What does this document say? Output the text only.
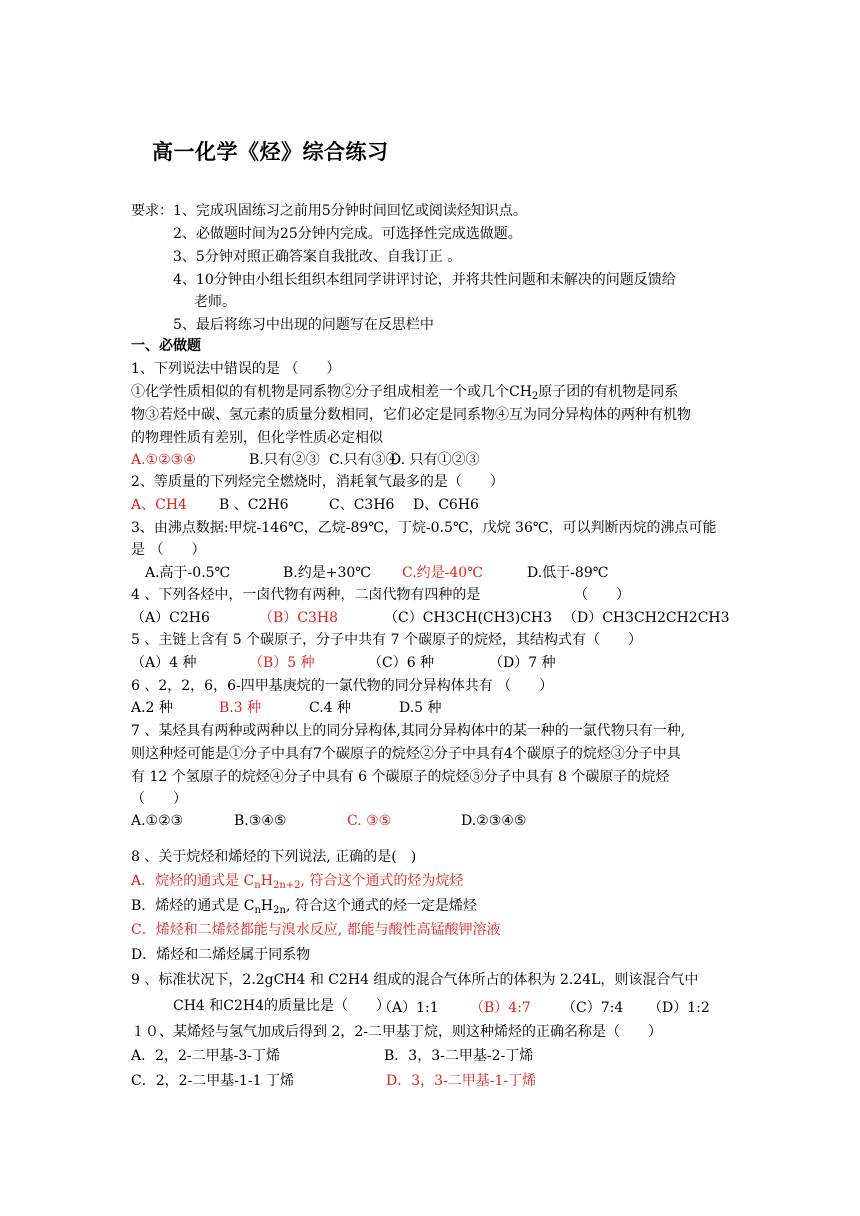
高一化学《烃》综合练习
要求：1、完成巩固练习之前用5分钟时间回忆或阅读烃知识点。
2、必做题时间为25分钟内完成。可选择性完成选做题。
3、5分钟对照正确答案自我批改、自我订正 。
4、10分钟由小组长组织本组同学讲评讨论，并将共性问题和未解决的问题反馈给
老师。
5、最后将练习中出现的问题写在反思栏中
一、必做题
1、下列说法中错误的是 （　　）
①化学性质相似的有机物是同系物②分子组成相差一个或几个$CH_2$原子团的有机物是同系
物③若烃中碳、氢元素的质量分数相同，它们必定是同系物④互为同分异构体的两种有机物
的物理性质有差别，但化学性质必定相似
A.①②③④	B.只有②③ C.只有③④
D. 只有①②③
2、等质量的下列烃完全燃烧时，消耗氧气最多的是（　　）
A、CH4 B 、C2H6	C、C3H6 D、C6H6
3、由沸点数据:甲烷-146℃，乙烷-89℃，丁烷-0.5℃，戊烷 36℃，可以判断丙烷的沸点可能
是 （　　）
A.高于-0.5℃	B.约是+30℃ C.约是-40℃	D.低于-89℃
4 、下列各烃中，一卤代物有两种，二卤代物有四种的是	（　　）
（A）C2H6	（B）C3H8	（C）CH3CH(CH3)CH3 （D）CH3CH2CH2CH3
5 、主链上含有 5 个碳原子，分子中共有 7 个碳原子的烷烃，其结构式有（　　）
（A）4 种	（B）5 种	（C）6 种	（D）7 种
6 、2，2，6，6-四甲基庚烷的一氯代物的同分异构体共有 （　　）
A.2 种	B.3 种	C.4 种	D.5 种
7 、某烃具有两种或两种以上的同分异构体,其同分异构体中的某一种的一氯代物只有一种,
则这种烃可能是①分子中具有7个碳原子的烷烃②分子中具有4个碳原子的烷烃③分子中具
有 12 个氢原子的烷烃④分子中具有 6 个碳原子的烷烃⑤分子中具有 8 个碳原子的烷烃
（　　）
A.①②③	B.③④⑤	C. ③⑤	D.②③④⑤
8 、关于烷烃和烯烃的下列说法, 正确的是(　)
A．烷烃的通式是 $C_nH_{2n+2}$, 符合这个通式的烃为烷烃
B．烯烃的通式是 $C_nH_{2n}$, 符合这个通式的烃一定是烯烃
C．烯烃和二烯烃都能与溴水反应, 都能与酸性高锰酸钾溶液
D．烯烃和二烯烃属于同系物
9 、标准状况下，2.2gCH4 和 C2H4 组成的混合气体所占的体积为 2.24L，则该混合气中
CH4 和C2H4的质量比是（　　）
（A）1:1 （B）4:7 （C）7:4 （D）1:2
１０、某烯烃与氢气加成后得到 2，2-二甲基丁烷，则这种烯烃的正确名称是（　　）
A．2，2-二甲基-3-丁烯	B．3，3-二甲基-2-丁烯
C．2，2-二甲基-1-1 丁烯	D．3，3-二甲基-1-丁烯
